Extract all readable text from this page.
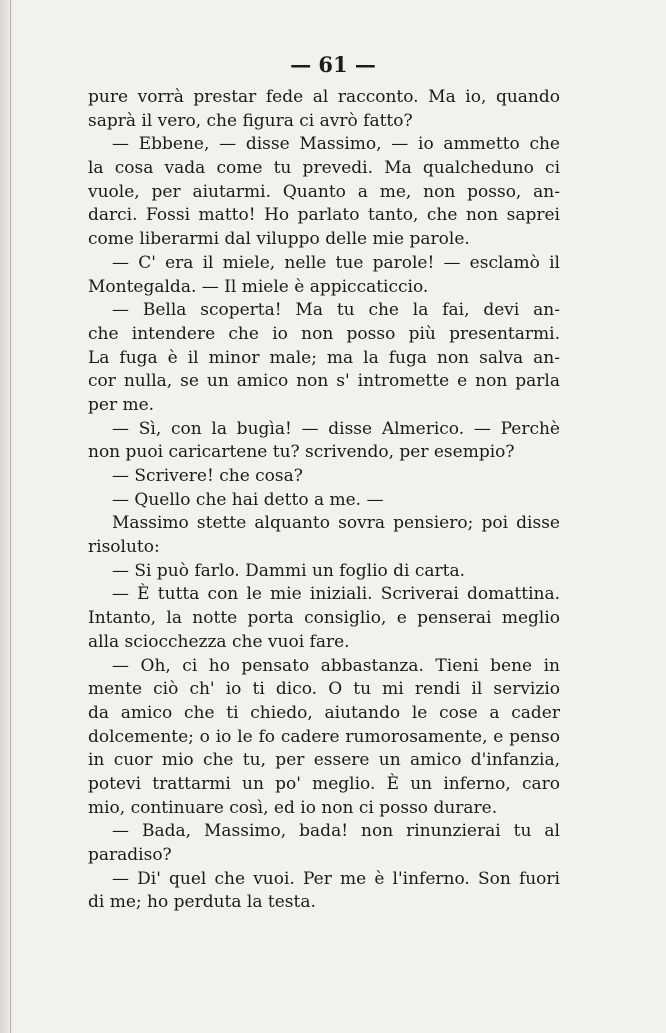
— 61 —
pure vorrà prestar fede al racconto. Ma io, quando
saprà il vero, che figura ci avrò fatto?
— Ebbene, — disse Massimo, — io ammetto che
la cosa vada come tu prevedi. Ma qualcheduno ci
vuole, per aiutarmi. Quanto a me, non posso, an-
darci. Fossi matto! Ho parlato tanto, che non saprei
come liberarmi dal viluppo delle mie parole.
— C' era il miele, nelle tue parole! — esclamò il
Montegalda. — Il miele è appiccaticcio.
— Bella scoperta! Ma tu che la fai, devi an-
che intendere che io non posso più presentarmi.
La fuga è il minor male; ma la fuga non salva an-
cor nulla, se un amico non s' intromette e non parla
per me.
— Sì, con la bugìa! — disse Almerico. — Perchè
non puoi caricartene tu? scrivendo, per esempio?
— Scrivere! che cosa?
— Quello che hai detto a me. —
Massimo stette alquanto sovra pensiero; poi disse
risoluto:
— Si può farlo. Dammi un foglio di carta.
— È tutta con le mie iniziali. Scriverai domattina.
Intanto, la notte porta consiglio, e penserai meglio
alla sciocchezza che vuoi fare.
— Oh, ci ho pensato abbastanza. Tieni bene in
mente ciò ch' io ti dico. O tu mi rendi il servizio
da amico che ti chiedo, aiutando le cose a cader
dolcemente; o io le fo cadere rumorosamente, e penso
in cuor mio che tu, per essere un amico d'infanzia,
potevi trattarmi un po' meglio. È un inferno, caro
mio, continuare così, ed io non ci posso durare.
— Bada, Massimo, bada! non rinunzierai tu al
paradiso?
— Di' quel che vuoi. Per me è l'inferno. Son fuori
di me; ho perduta la testa.
